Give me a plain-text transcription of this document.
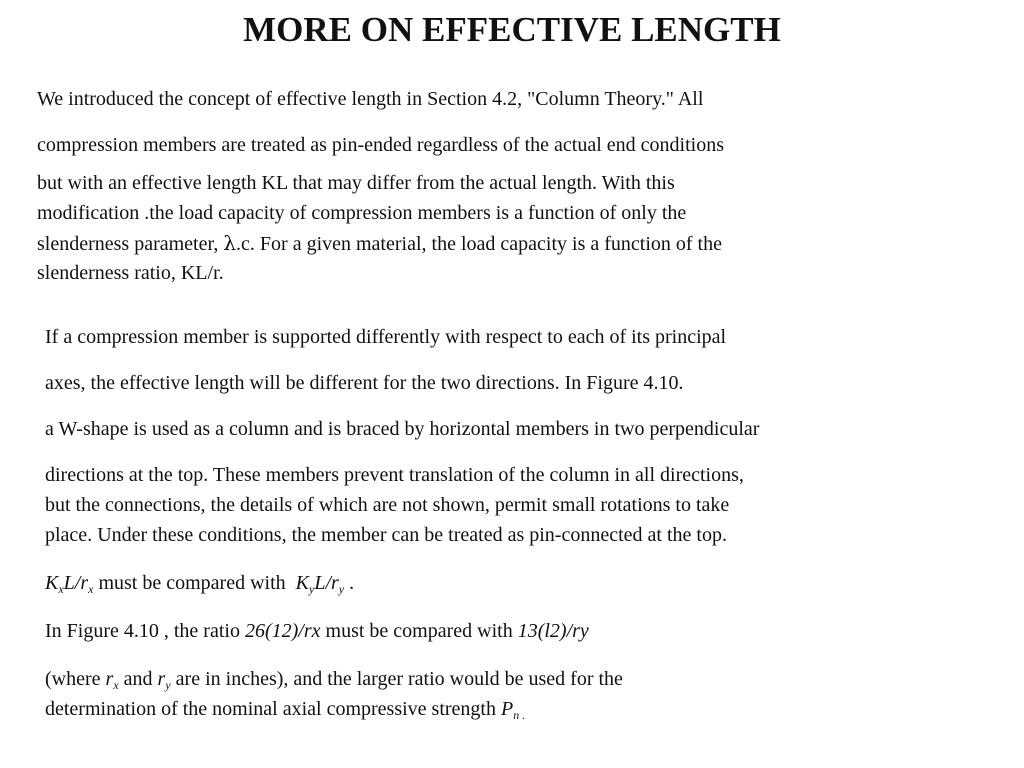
MORE ON EFFECTIVE LENGTH
We introduced the concept of effective length in Section 4.2, "Column Theory." All
compression members are treated as pin-ended regardless of the actual end conditions
but with an effective length KL that may differ from the actual length. With this
modification .the load capacity of compression members is a function of only the
slenderness parameter, λ.c. For a given material, the load capacity is a function of the
slenderness ratio, KL/r.
If a compression member is supported differently with respect to each of its principal
axes, the effective length will be different for the two directions. In Figure 4.10.
a W-shape is used as a column and is braced by horizontal members in two perpendicular
directions at the top. These members prevent translation of the column in all directions,
but the connections, the details of which are not shown, permit small rotations to take
place. Under these conditions, the member can be treated as pin-connected at the top.
$K_xL/r_x$ must be compared with  $K_yL/r_y$ .
In Figure 4.10 , the ratio 26(12)/rx must be compared with 13(l2)/ry
(where $r_x$ and $r_y$ are in inches), and the larger ratio would be used for the
determination of the nominal axial compressive strength $P_{n .}$
